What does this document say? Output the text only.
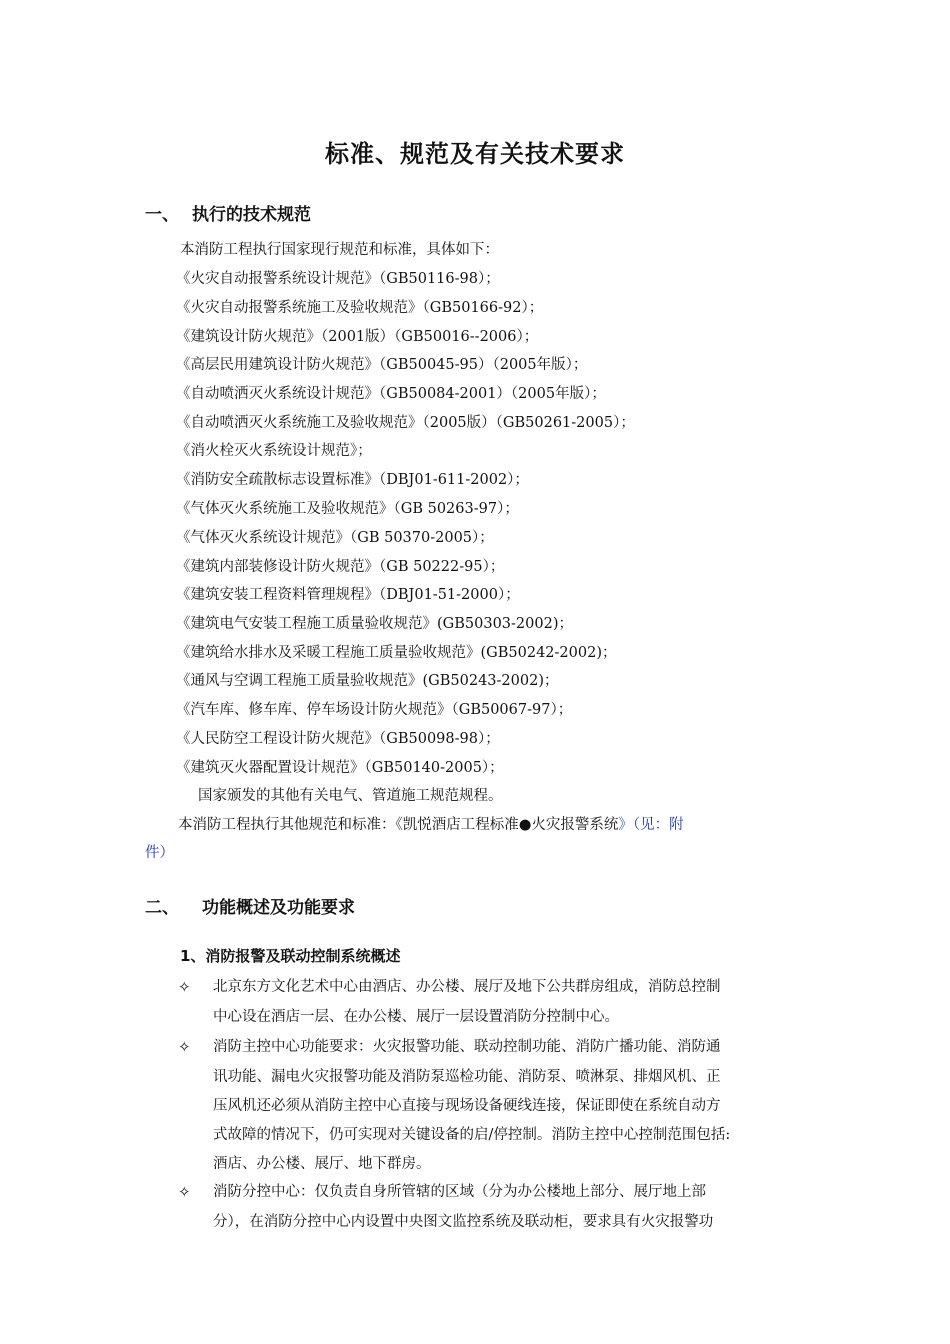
标准、规范及有关技术要求
一、 执行的技术规范
本消防工程执行国家现行规范和标准，具体如下：
《火灾自动报警系统设计规范》（GB50116-98）；
《火灾自动报警系统施工及验收规范》（GB50166-92）；
《建筑设计防火规范》（2001版）（GB50016--2006）；
《高层民用建筑设计防火规范》（GB50045-95）（2005年版）；
《自动喷洒灭火系统设计规范》（GB50084-2001）（2005年版）；
《自动喷洒灭火系统施工及验收规范》（2005版）（GB50261-2005）；
《消火栓灭火系统设计规范》；
《消防安全疏散标志设置标准》（DBJ01-611-2002）；
《气体灭火系统施工及验收规范》（GB 50263-97）；
《气体灭火系统设计规范》（GB 50370-2005）；
《建筑内部装修设计防火规范》（GB 50222-95）；
《建筑安装工程资料管理规程》（DBJ01-51-2000）；
《建筑电气安装工程施工质量验收规范》(GB50303-2002)；
《建筑给水排水及采暖工程施工质量验收规范》(GB50242-2002)；
《通风与空调工程施工质量验收规范》(GB50243-2002)；
《汽车库、修车库、停车场设计防火规范》（GB50067-97）；
《人民防空工程设计防火规范》（GB50098-98）；
《建筑灭火器配置设计规范》（GB50140-2005）；
国家颁发的其他有关电气、管道施工规范规程。
本消防工程执行其他规范和标准：《凯悦酒店工程标准●火灾报警系统》（见：附
件）
二、 功能概述及功能要求
1、消防报警及联动控制系统概述
✧ 北京东方文化艺术中心由酒店、办公楼、展厅及地下公共群房组成，消防总控制
中心设在酒店一层、在办公楼、展厅一层设置消防分控制中心。
✧ 消防主控中心功能要求：火灾报警功能、联动控制功能、消防广播功能、消防通
讯功能、漏电火灾报警功能及消防泵巡检功能、消防泵、喷淋泵、排烟风机、正
压风机还必须从消防主控中心直接与现场设备硬线连接，保证即使在系统自动方
式故障的情况下，仍可实现对关键设备的启/停控制。消防主控中心控制范围包括:
酒店、办公楼、展厅、地下群房。
✧ 消防分控中心：仅负责自身所管辖的区域（分为办公楼地上部分、展厅地上部
分），在消防分控中心内设置中央图文监控系统及联动柜，要求具有火灾报警功
